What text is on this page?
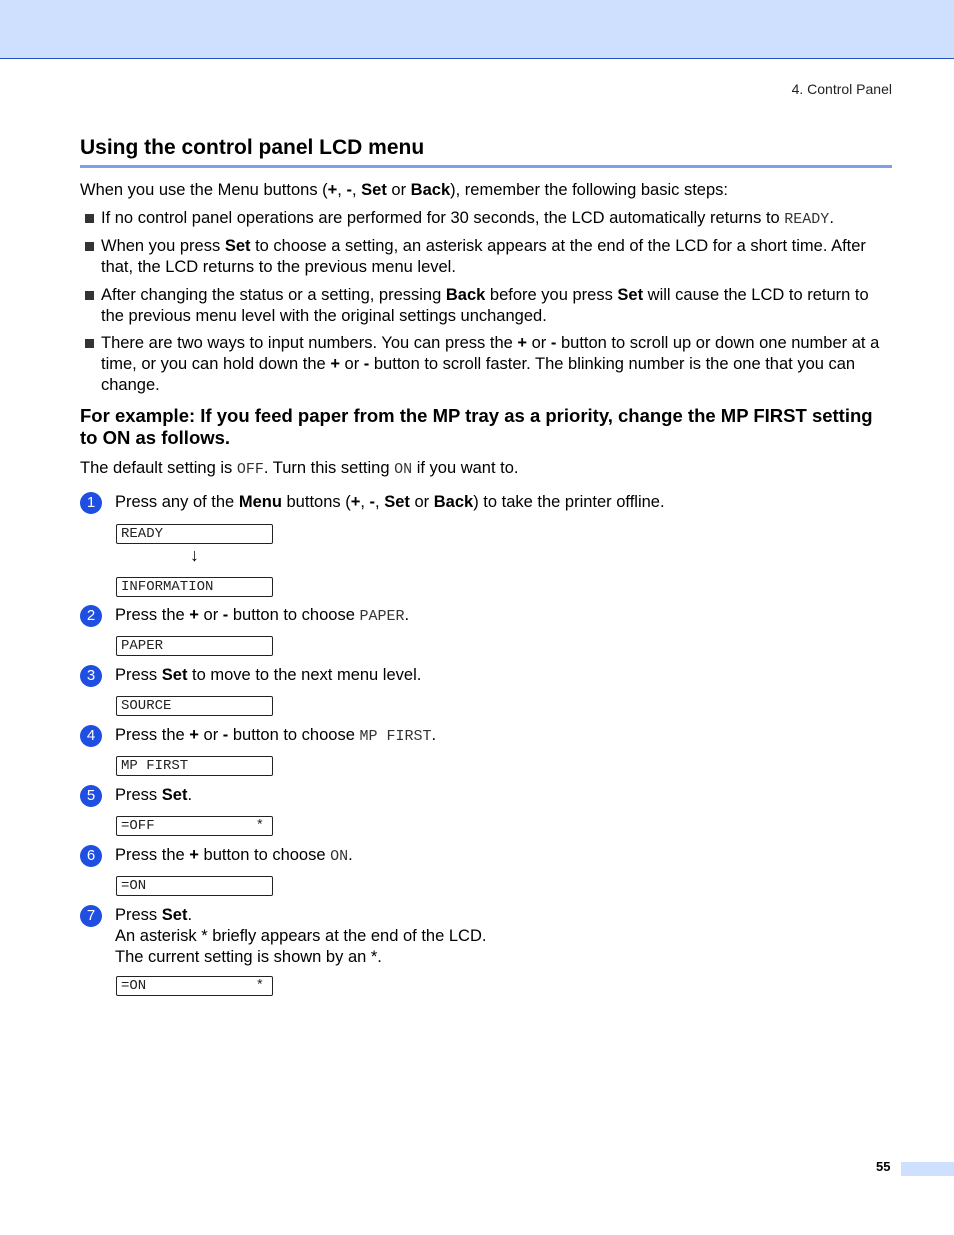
4. Control Panel
Using the control panel LCD menu

When you use the Menu buttons (+, -, Set or Back), remember the following basic steps:

If no control panel operations are performed for 30 seconds, the LCD automatically returns to READY.
When you press Set to choose a setting, an asterisk appears at the end of the LCD for a short time. After that, the LCD returns to the previous menu level.
After changing the status or a setting, pressing Back before you press Set will cause the LCD to return to the previous menu level with the original settings unchanged.
There are two ways to input numbers. You can press the + or - button to scroll up or down one number at a time, or you can hold down the + or - button to scroll faster. The blinking number is the one that you can change.
For example: If you feed paper from the MP tray as a priority, change the MP FIRST setting to ON as follows.

The default setting is OFF. Turn this setting ON if you want to.

1	Press any of the Menu buttons (+, -, Set or Back) to take the printer offline.
READY
↓
INFORMATION
2	Press the + or - button to choose PAPER.
PAPER
3	Press Set to move to the next menu level.
SOURCE
4	Press the + or - button to choose MP FIRST.
MP FIRST
5	Press Set.
=OFF	*
6	Press the + button to choose ON.
=ON
7	Press Set.
An asterisk * briefly appears at the end of the LCD.
The current setting is shown by an *.
=ON	*
55
